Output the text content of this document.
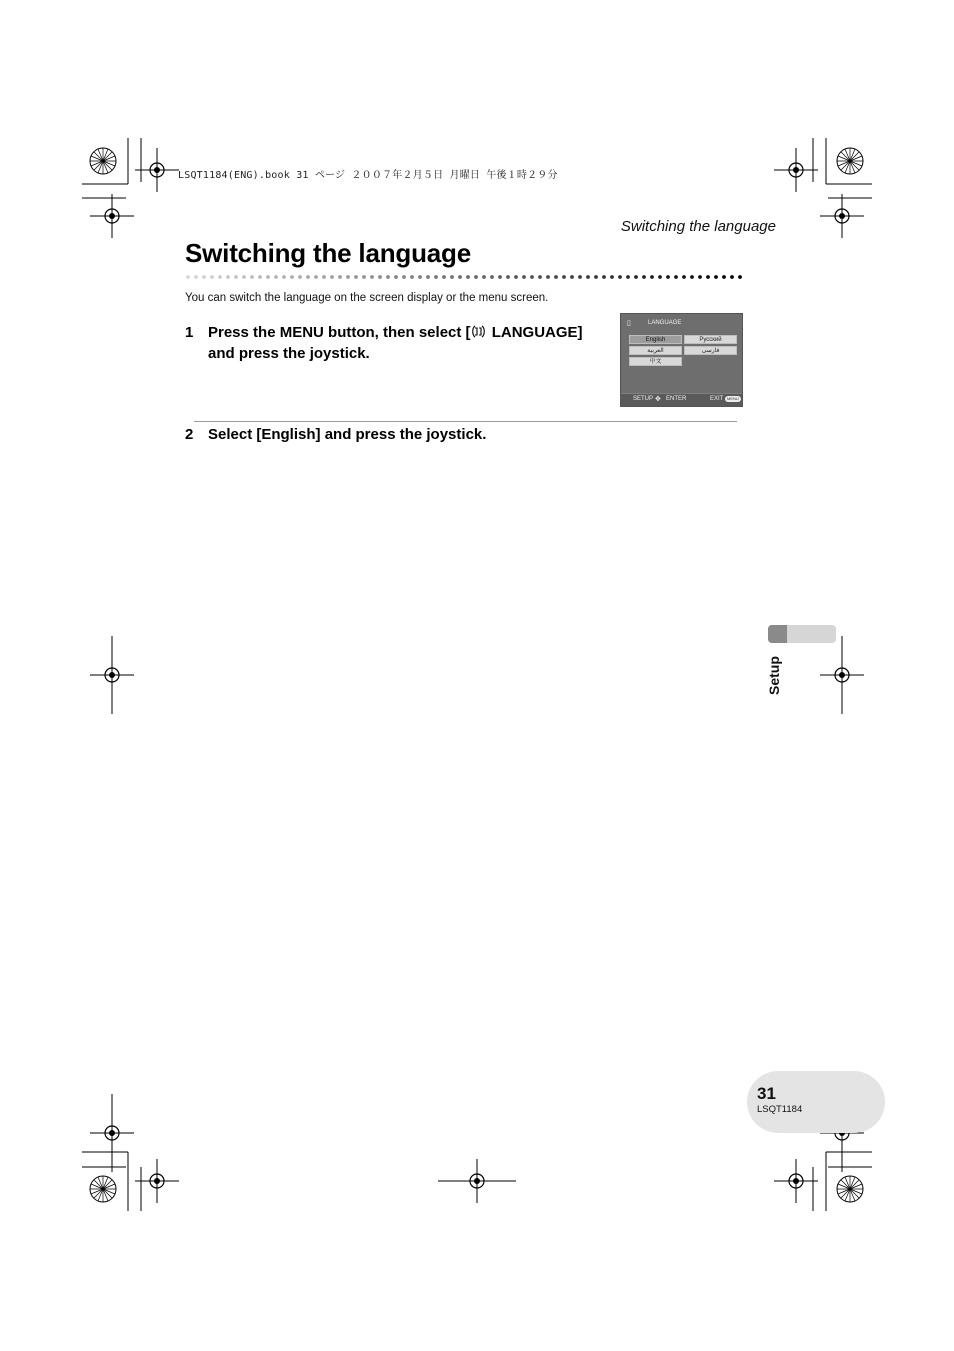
LSQT1184(ENG).book 31 ページ ２００７年２月５日 月曜日 午後１時２９分
Switching the language
Switching the language
You can switch the language on the screen display or the menu screen.
1 Press the MENU button, then select [ LANGUAGE]
and press the joystick.
▯	LANGUAGE
English	Русский
العربية	فارسی
中文
SETUP ✥ ENTER	EXIT MENU
2 Select [English] and press the joystick.
Setup
31
LSQT1184
